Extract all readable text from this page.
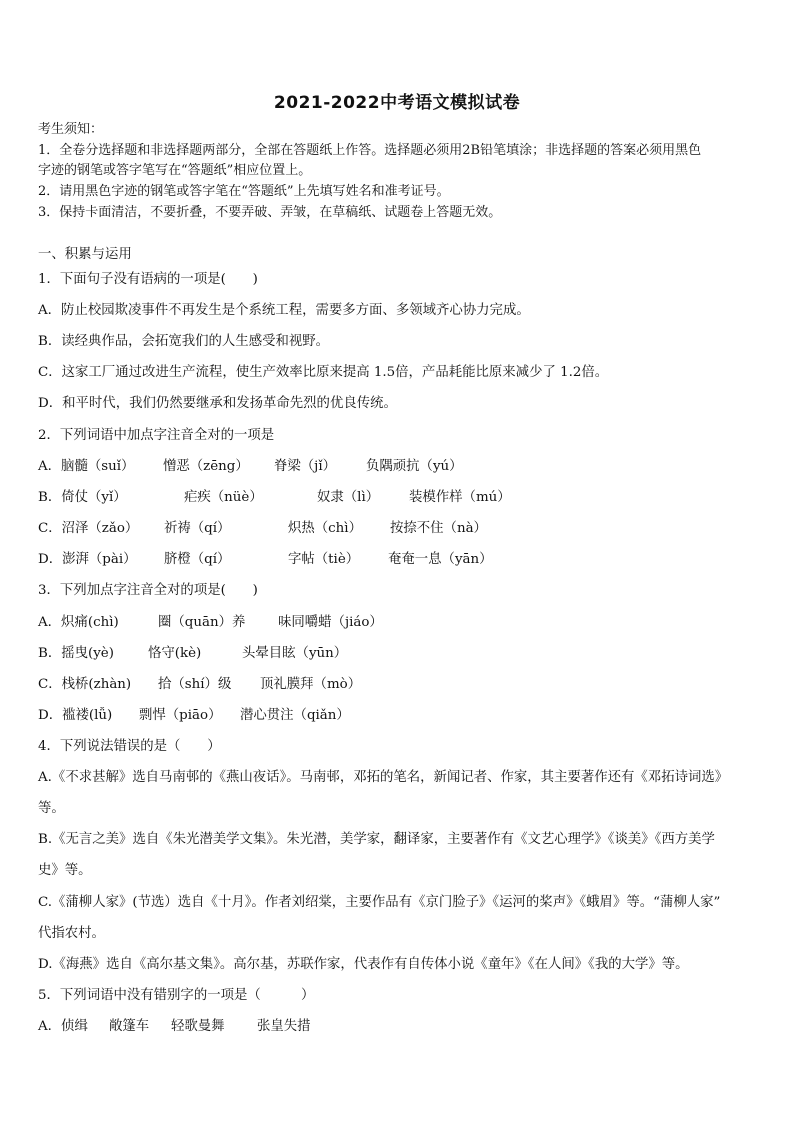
2021-2022中考语文模拟试卷
考生须知：
1．全卷分选择题和非选择题两部分，全部在答题纸上作答。选择题必须用2B铅笔填涂；非选择题的答案必须用黑色
字迹的钢笔或答字笔写在“答题纸”相应位置上。
2．请用黑色字迹的钢笔或答字笔在“答题纸”上先填写姓名和准考证号。
3．保持卡面清洁，不要折叠，不要弄破、弄皱，在草稿纸、试题卷上答题无效。
一、积累与运用
1．下面句子没有语病的一项是(　　)
A．防止校园欺凌事件不再发生是个系统工程，需要多方面、多领域齐心协力完成。
B．读经典作品，会拓宽我们的人生感受和视野。
C．这家工厂通过改进生产流程，使生产效率比原来提高 1.5倍，产品耗能比原来减少了 1.2倍。
D．和平时代，我们仍然要继承和发扬革命先烈的优良传统。
2．下列词语中加点字注音全对的一项是
A．脑髓（suǐ） 憎恶（zēng） 脊梁（jǐ） 负隅顽抗（yú）
B．倚仗（yǐ）	疟疾（nüè）	奴隶（lì） 装模作样（mú）
C．沼泽（zǎo） 祈祷（qí）	炽热（chì） 按捺不住（nà）
D．澎湃（pài） 脐橙（qí）	字帖（tiè） 奄奄一息（yān）
3．下列加点字注音全对的项是(　　)
A．炽痛(chì)	圈（quān）养 味同嚼蜡（jiáo）
B．摇曳(yè)	恪守(kè)	头晕目眩（yūn）
C．栈桥(zhàn) 拾（shí）级 顶礼膜拜（mò）
D．褴褛(lǚ) 剽悍（piāo） 潜心贯注（qiǎn）
4．下列说法错误的是（　　）
A.《不求甚解》选自马南邨的《燕山夜话》。马南邨，邓拓的笔名，新闻记者、作家，其主要著作还有《邓拓诗词选》
等。
B.《无言之美》选自《朱光潜美学文集》。朱光潜，美学家，翻译家，主要著作有《文艺心理学》《谈美》《西方美学
史》等。
C.《蒲柳人家》(节选）选自《十月》。作者刘绍棠，主要作品有《京门脸子》《运河的桨声》《蛾眉》等。“蒲柳人家”
代指农村。
D.《海燕》选自《高尔基文集》。高尔基，苏联作家，代表作有自传体小说《童年》《在人间》《我的大学》等。
5．下列词语中没有错别字的一项是（　　　）
A．侦缉 敞篷车 轻歌曼舞 张皇失措
